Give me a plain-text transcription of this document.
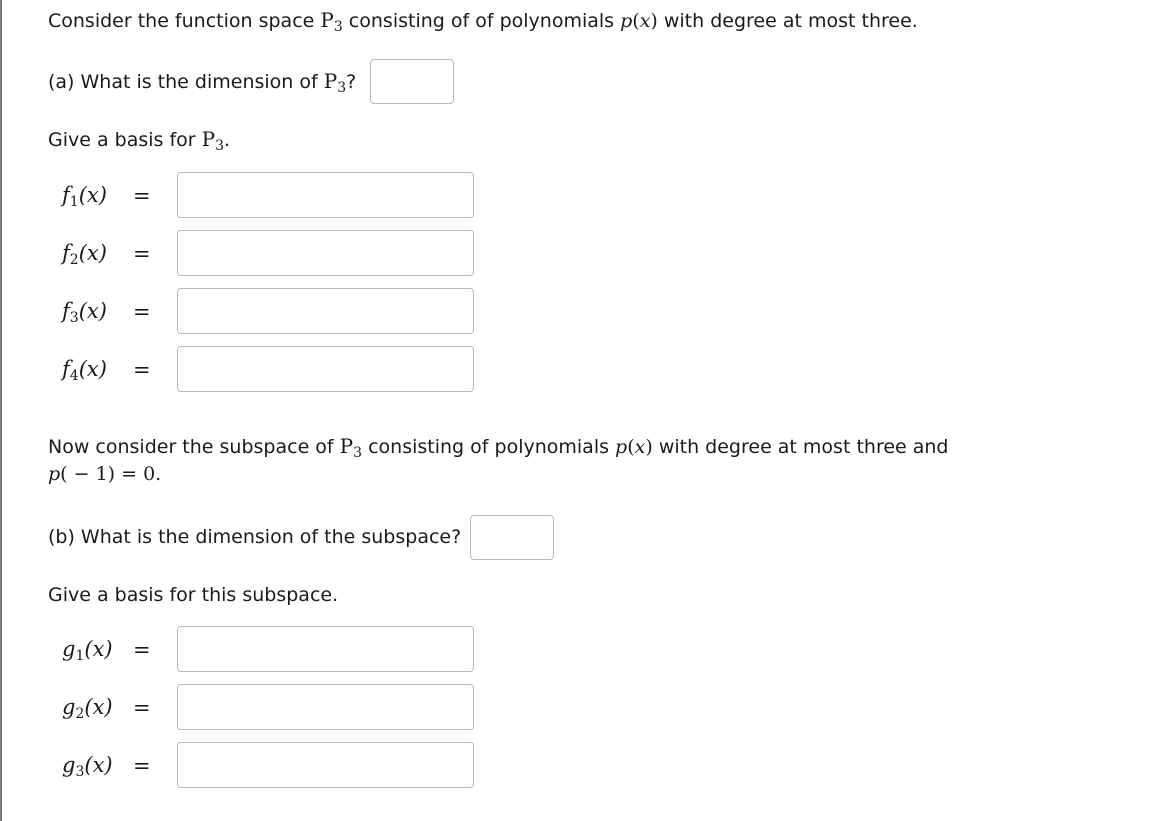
Consider the function space $P_3$ consisting of of polynomials p(x) with degree at most three.
(a) What is the dimension of $P_3$?
Give a basis for $P_3$.
f1(x) =
f2(x) =
f3(x) =
f4(x) =
Now consider the subspace of $P_3$ consisting of polynomials p(x) with degree at most three and
p( − 1) = 0.
(b) What is the dimension of the subspace?
Give a basis for this subspace.
g1(x) =
g2(x) =
g3(x) =
